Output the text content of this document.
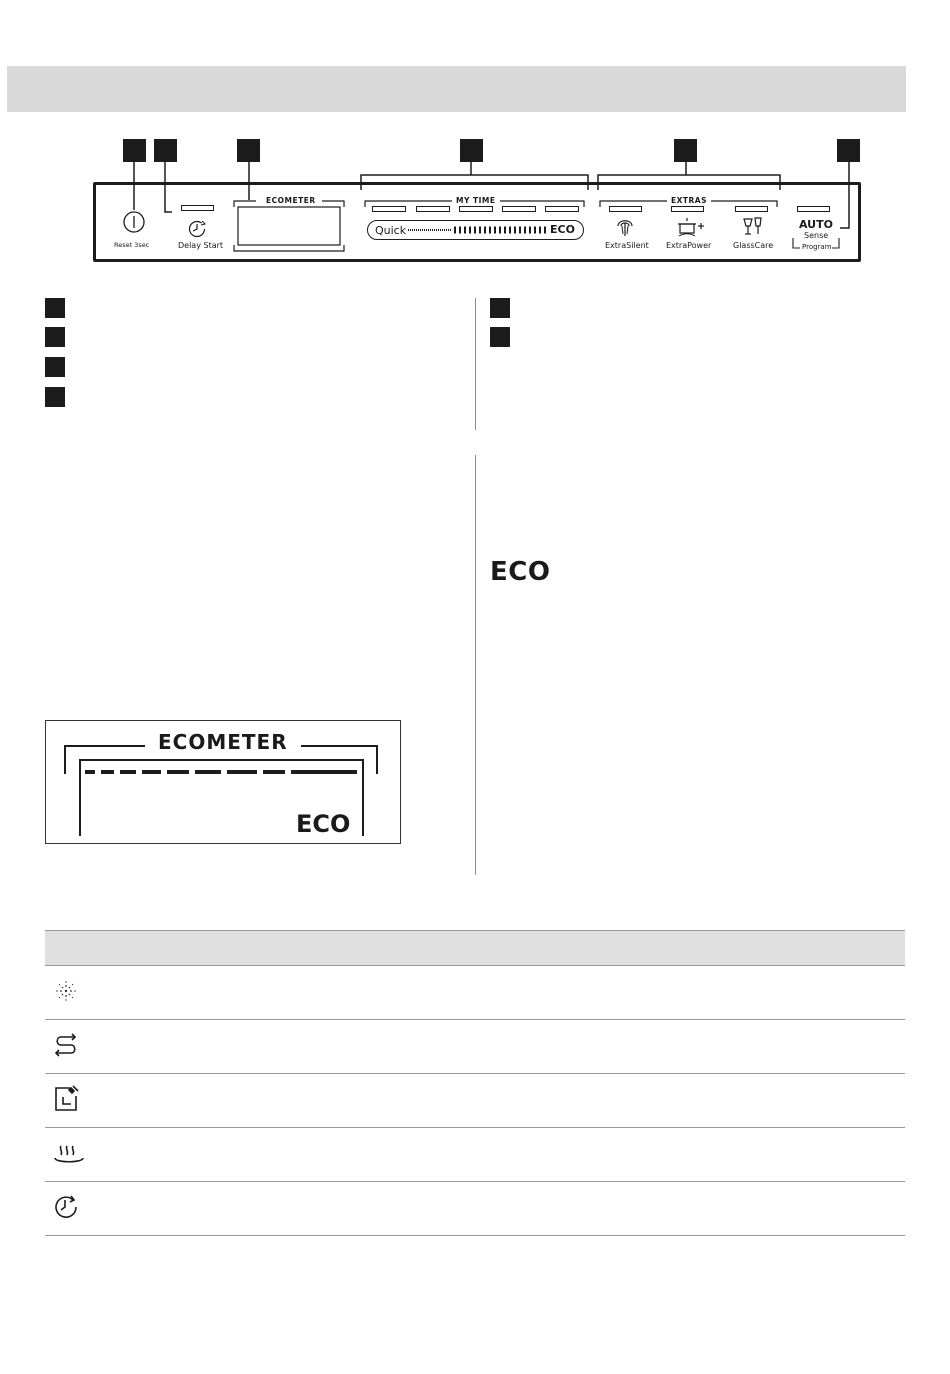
Reset 3sec	Delay Start
ECOMETER	MY TIME
Quick	ECO
EXTRAS
ExtraSilent ExtraPower	GlassCare
AUTO
Sense
Program
ECO
ECOMETER
ECO
